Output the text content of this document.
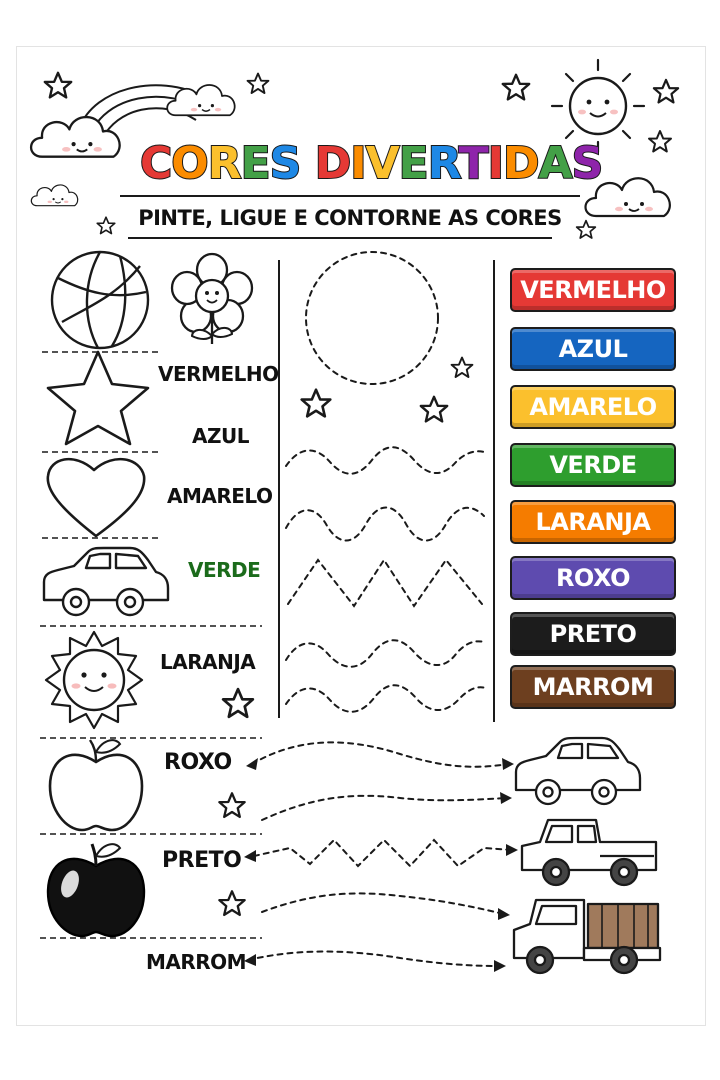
CORES DIVERTIDAS
PINTE, LIGUE E CONTORNE AS CORES
VERMELHO
AZUL
AMARELO
VERDE
LARANJA
ROXO
PRETO
MARROM
VERMELHO
AZUL
AMARELO
VERDE
LARANJA
ROXO
PRETO
MARROM
